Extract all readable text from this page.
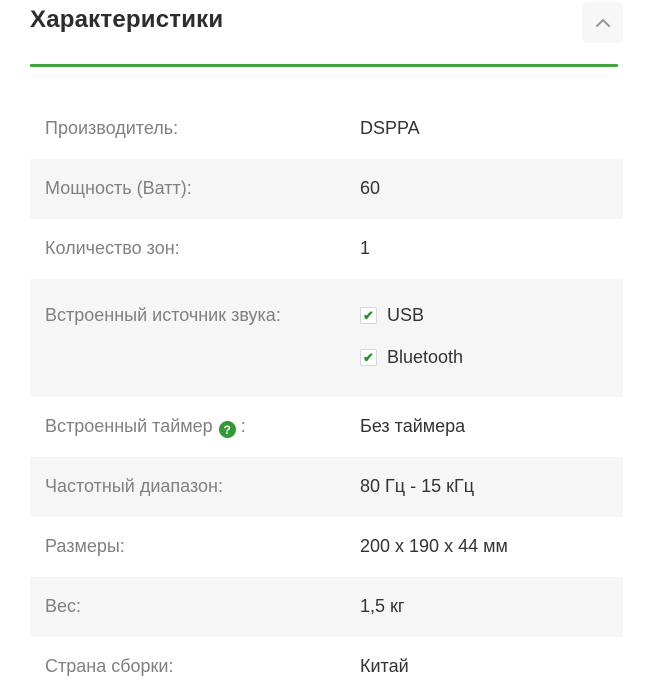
Характеристики
Производитель:	DSPPA
Мощность (Ватт):	60
Количество зон:	1
Встроенный источник звука:	✔ USB
✔ Bluetooth
Встроенный таймер ? :	Без таймера
Частотный диапазон:	80 Гц - 15 кГц
Размеры:	200 x 190 x 44 мм
Вес:	1,5 кг
Страна сборки:	Китай
